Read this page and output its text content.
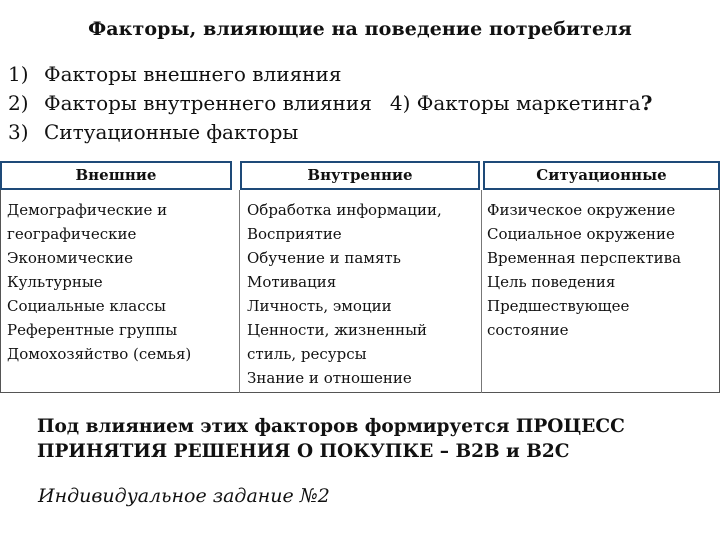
Факторы, влияющие на поведение потребителя
1) Факторы внешнего влияния
2) Факторы внутреннего влияния 4) Факторы маркетинга?
3) Ситуационные факторы
Внешние	Внутренние	Ситуационные
Демографические и
географические
Экономические
Культурные
Социальные классы
Референтные группы
Домохозяйство (семья)
Обработка информации,
Восприятие
Обучение и память
Мотивация
Личность, эмоции
Ценности, жизненный
стиль, ресурсы
Знание и отношение
Физическое окружение
Социальное окружение
Временная перспектива
Цель поведения
Предшествующее
состояние
Под влиянием этих факторов формируется ПРОЦЕСС
ПРИНЯТИЯ РЕШЕНИЯ О ПОКУПКЕ – В2В и В2С
Индивидуальное задание №2
